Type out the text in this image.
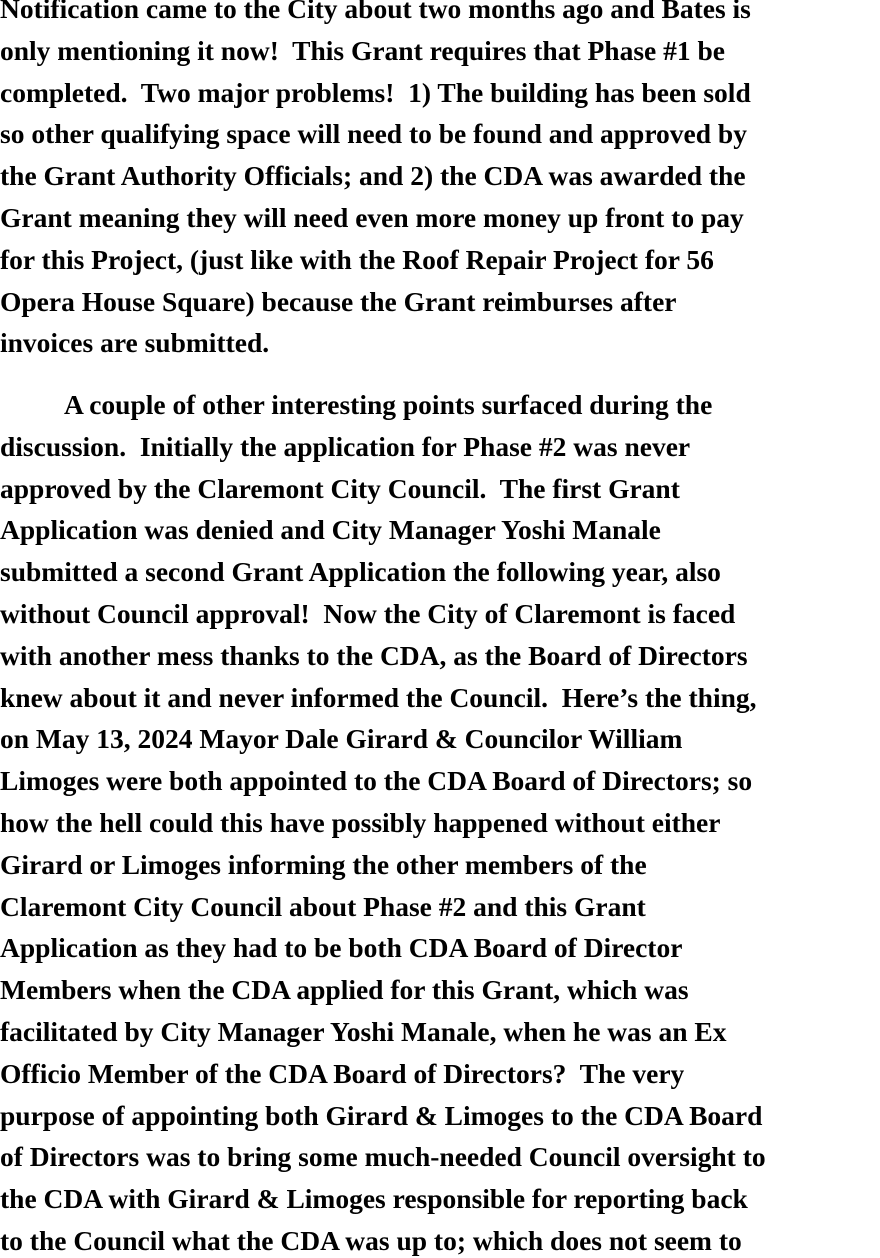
Notification came to the City about two months ago and Bates is
only mentioning it now!  This Grant requires that Phase #1 be
completed.  Two major problems!  1) The building has been sold
so other qualifying space will need to be found and approved by
the Grant Authority Officials; and 2) the CDA was awarded the
Grant meaning they will need even more money up front to pay
for this Project, (just like with the Roof Repair Project for 56
Opera House Square) because the Grant reimburses after
invoices are submitted.
A couple of other interesting points surfaced during the
discussion.  Initially the application for Phase #2 was never
approved by the Claremont City Council.  The first Grant
Application was denied and City Manager Yoshi Manale
submitted a second Grant Application the following year, also
without Council approval!  Now the City of Claremont is faced
with another mess thanks to the CDA, as the Board of Directors
knew about it and never informed the Council.  Here’s the thing,
on May 13, 2024 Mayor Dale Girard & Councilor William
Limoges were both appointed to the CDA Board of Directors; so
how the hell could this have possibly happened without either
Girard or Limoges informing the other members of the
Claremont City Council about Phase #2 and this Grant
Application as they had to be both CDA Board of Director
Members when the CDA applied for this Grant, which was
facilitated by City Manager Yoshi Manale, when he was an Ex
Officio Member of the CDA Board of Directors?  The very
purpose of appointing both Girard & Limoges to the CDA Board
of Directors was to bring some much-needed Council oversight to
the CDA with Girard & Limoges responsible for reporting back
to the Council what the CDA was up to; which does not seem to
